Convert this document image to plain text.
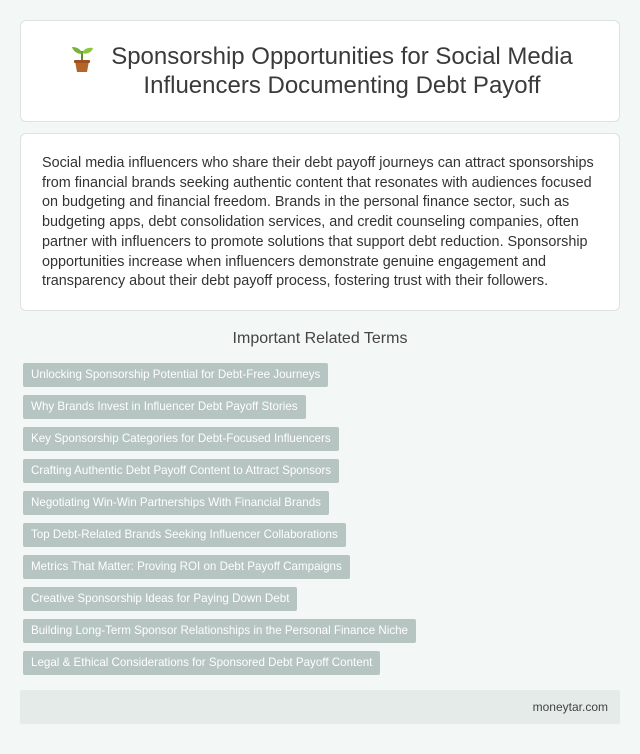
Sponsorship Opportunities for Social Media
Influencers Documenting Debt Payoff

Social media influencers who share their debt payoff journeys can attract sponsorships from financial brands seeking authentic content that resonates with audiences focused on budgeting and financial freedom. Brands in the personal finance sector, such as budgeting apps, debt consolidation services, and credit counseling companies, often partner with influencers to promote solutions that support debt reduction. Sponsorship opportunities increase when influencers demonstrate genuine engagement and transparency about their debt payoff process, fostering trust with their followers.

Important Related Terms
Unlocking Sponsorship Potential for Debt-Free Journeys
Why Brands Invest in Influencer Debt Payoff Stories
Key Sponsorship Categories for Debt-Focused Influencers
Crafting Authentic Debt Payoff Content to Attract Sponsors
Negotiating Win-Win Partnerships With Financial Brands
Top Debt-Related Brands Seeking Influencer Collaborations
Metrics That Matter: Proving ROI on Debt Payoff Campaigns
Creative Sponsorship Ideas for Paying Down Debt
Building Long-Term Sponsor Relationships in the Personal Finance Niche
Legal & Ethical Considerations for Sponsored Debt Payoff Content
moneytar.com
